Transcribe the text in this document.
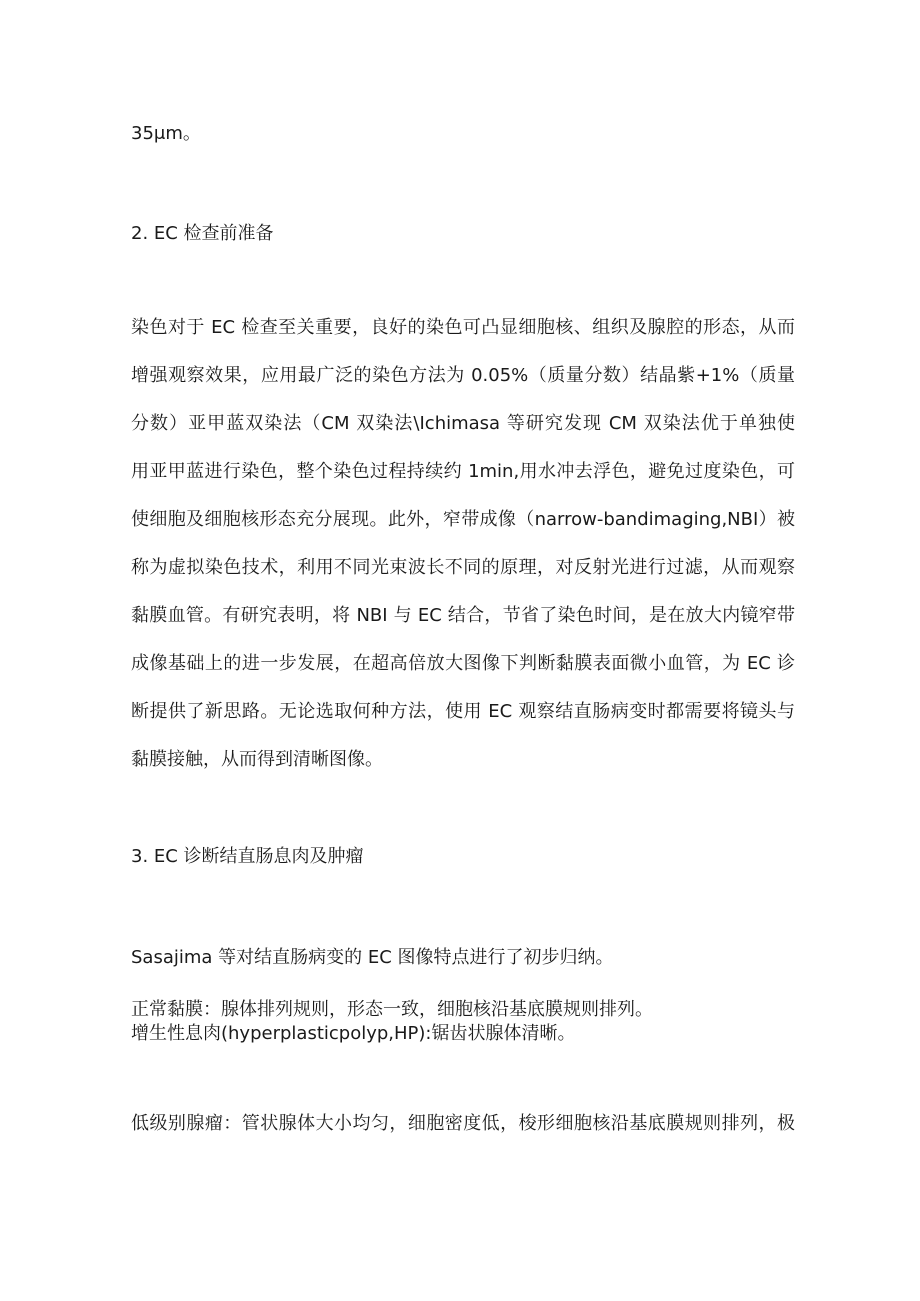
35μm。
2. EC 检查前准备
染色对于 EC 检查至关重要，良好的染色可凸显细胞核、组织及腺腔的形态，从而
增强观察效果，应用最广泛的染色方法为 0.05%（质量分数）结晶紫+1%（质量
分数）亚甲蓝双染法（CM 双染法\Ichimasa 等研究发现 CM 双染法优于单独使
用亚甲蓝进行染色，整个染色过程持续约 1min,用水冲去浮色，避免过度染色，可
使细胞及细胞核形态充分展现。此外，窄带成像（narrow-bandimaging,NBI）被
称为虚拟染色技术，利用不同光束波长不同的原理，对反射光进行过滤，从而观察
黏膜血管。有研究表明，将 NBI 与 EC 结合，节省了染色时间，是在放大内镜窄带
成像基础上的进一步发展，在超高倍放大图像下判断黏膜表面微小血管，为 EC 诊
断提供了新思路。无论选取何种方法，使用 EC 观察结直肠病变时都需要将镜头与
黏膜接触，从而得到清晰图像。
3. EC 诊断结直肠息肉及肿瘤
Sasajima 等对结直肠病变的 EC 图像特点进行了初步归纳。
正常黏膜：腺体排列规则，形态一致，细胞核沿基底膜规则排列。
增生性息肉(hyperplasticpolyp,HP):锯齿状腺体清晰。
低级别腺瘤：管状腺体大小均匀，细胞密度低，梭形细胞核沿基底膜规则排列，极
